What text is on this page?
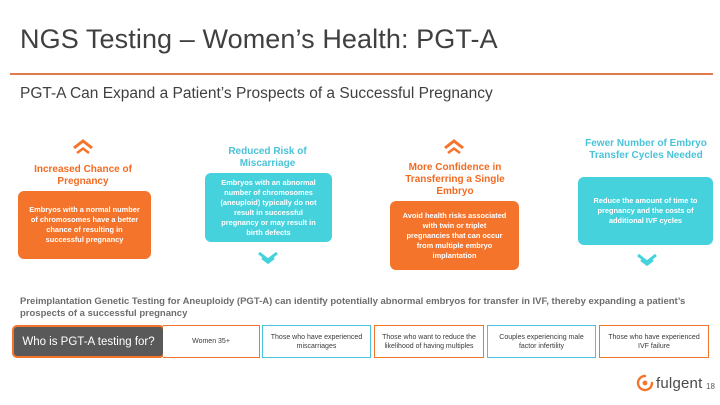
NGS Testing – Women’s Health: PGT-A
PGT-A Can Expand a Patient’s Prospects of a Successful Pregnancy
Increased Chance of Pregnancy
Embryos with a normal number of chromosomes have a better chance of resulting in successful pregnancy
Reduced Risk of Miscarriage
Embryos with an abnormal number of chromosomes (aneuploid) typically do not result in successful pregnancy or may result in birth defects
More Confidence in Transferring a Single Embryo
Avoid health risks associated with twin or triplet pregnancies that can occur from multiple embryo implantation
Fewer Number of Embryo Transfer Cycles Needed
Reduce the amount of time to pregnancy and the costs of additional IVF cycles
Preimplantation Genetic Testing for Aneuploidy (PGT-A) can identify potentially abnormal embryos for transfer in IVF, thereby expanding a patient’s prospects of a successful pregnancy
Who is PGT-A testing for?	Women 35+
Those who have experienced miscarriages
Those who want to reduce the likelihood of having multiples
Couples experiencing male factor infertility
Those who have experienced IVF failure
fulgent 18
